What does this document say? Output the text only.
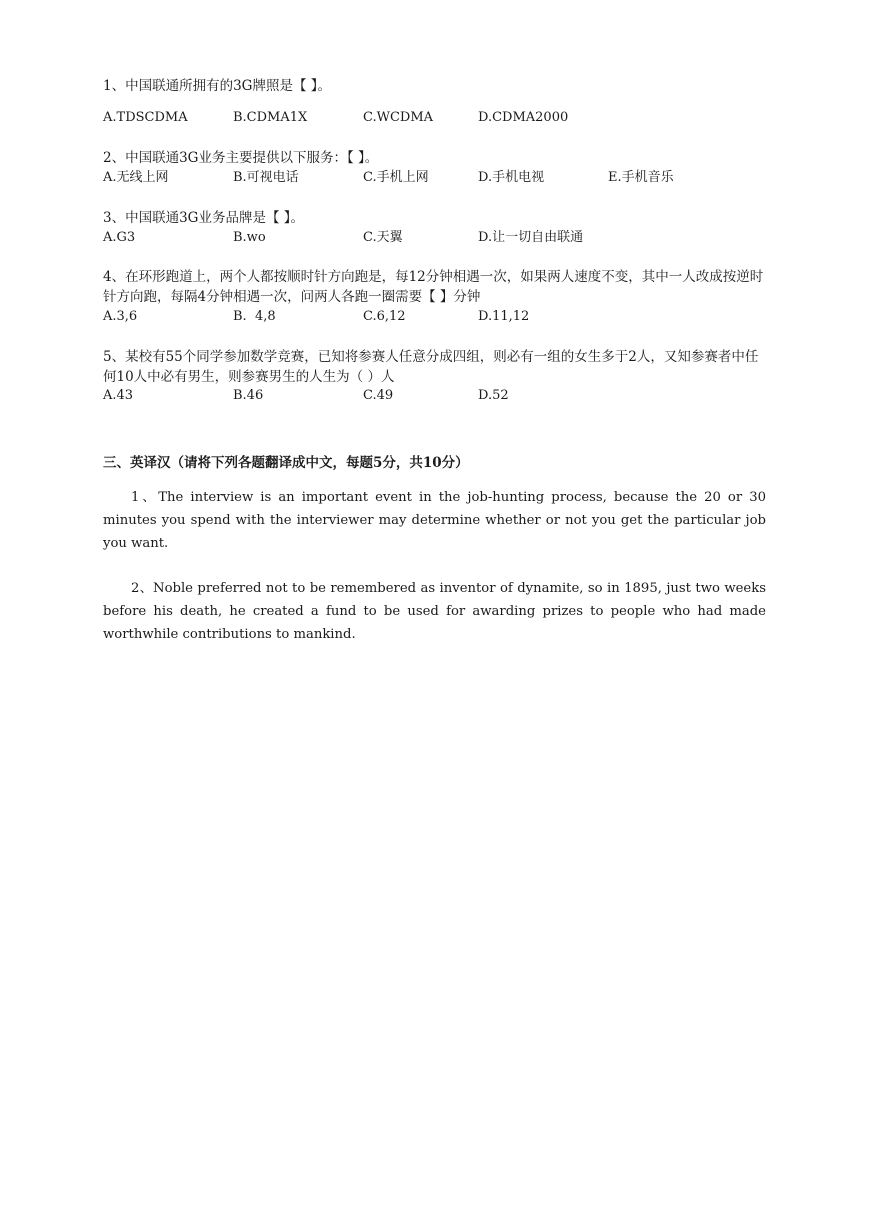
1、中国联通所拥有的3G牌照是【 】。
A.TDSCDMA	B.CDMA1X	C.WCDMA	D.CDMA2000
2、中国联通3G业务主要提供以下服务：【 】。
A.无线上网	B.可视电话	C.手机上网	D.手机电视	E.手机音乐
3、中国联通3G业务品牌是【 】。
A.G3	B.wo	C.天翼	D.让一切自由联通
4、在环形跑道上，两个人都按顺时针方向跑是，每12分钟相遇一次，如果两人速度不变，其中一人改成按逆时针方向跑，每隔4分钟相遇一次，问两人各跑一圈需要【 】分钟
A.3,6	B.  4,8	C.6,12	D.11,12
5、某校有55个同学参加数学竞赛，已知将参赛人任意分成四组，则必有一组的女生多于2人，又知参赛者中任何10人中必有男生，则参赛男生的人生为（ ）人
A.43	B.46	C.49	D.52
三、英译汉（请将下列各题翻译成中文，每题5分，共10分）
1、The interview is an important event in the job-hunting process, because the 20 or 30 minutes you spend with the interviewer may determine whether or not you get the particular job you want.
2、Noble preferred not to be remembered as inventor of dynamite, so in 1895, just two weeks before his death, he created a fund to be used for awarding prizes to people who had made worthwhile contributions to mankind.
